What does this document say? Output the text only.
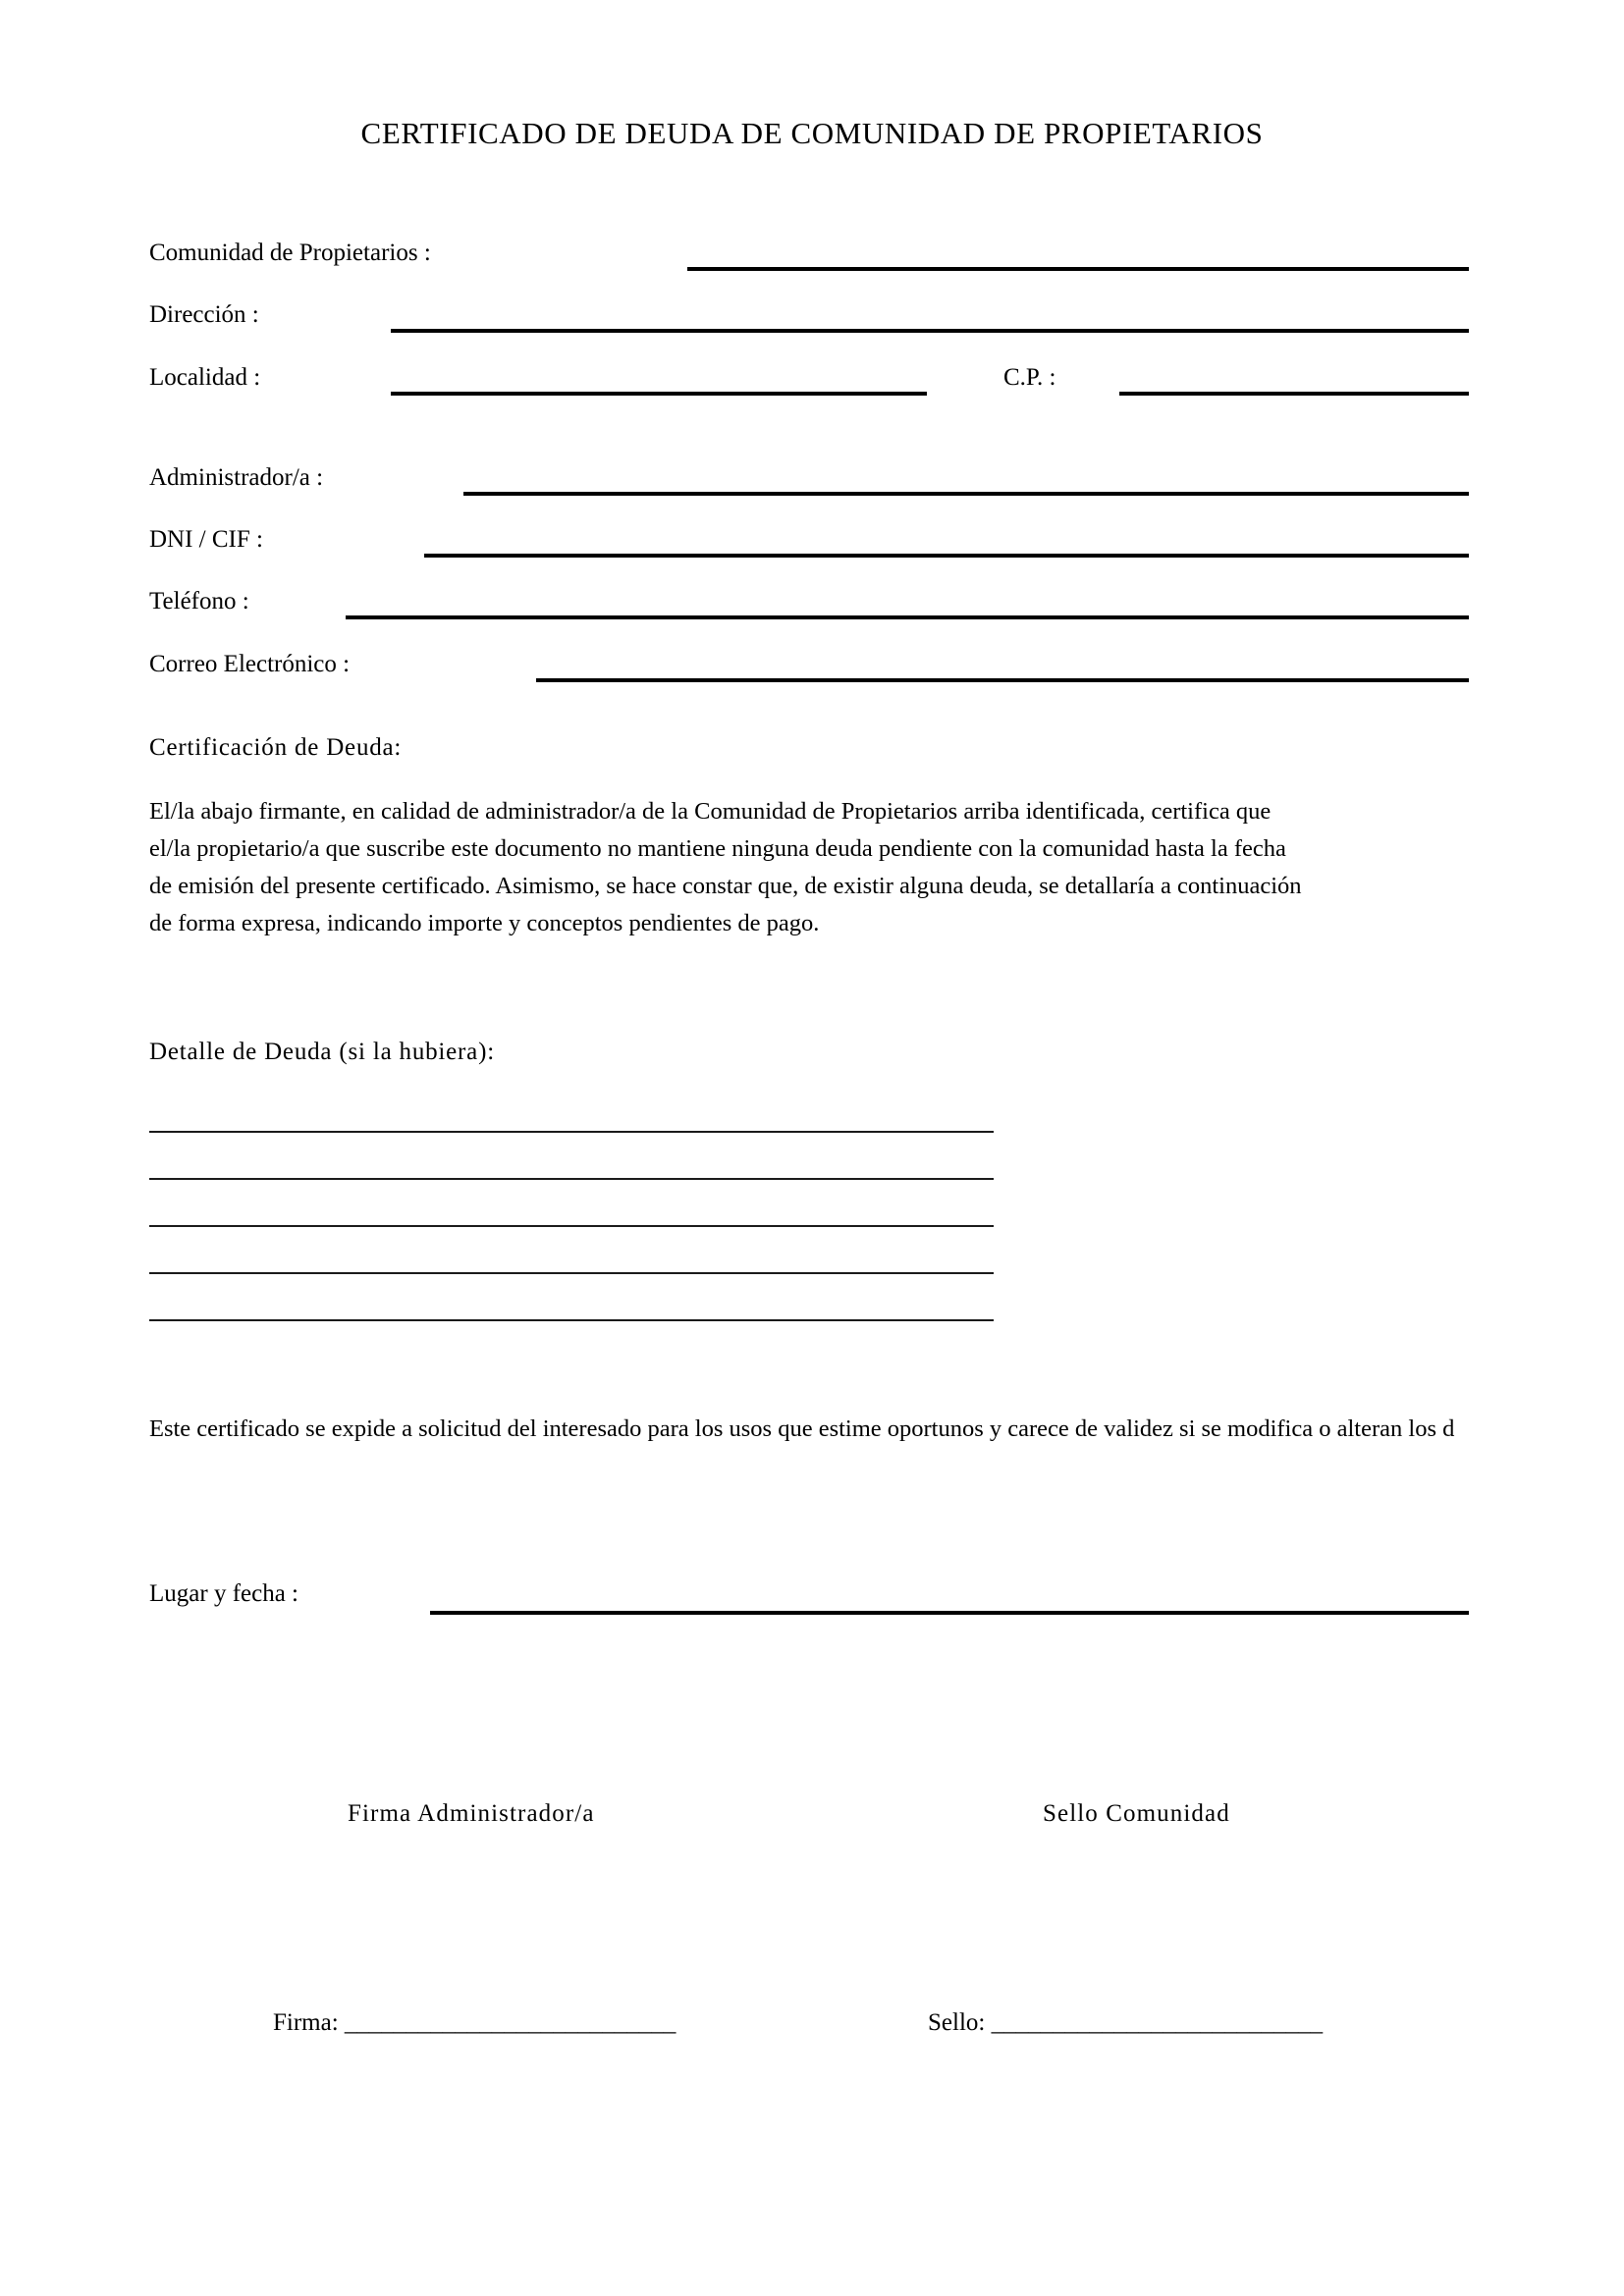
CERTIFICADO DE DEUDA DE COMUNIDAD DE PROPIETARIOS
Comunidad de Propietarios :
Dirección :
Localidad :	C.P. :
Administrador/a :
DNI / CIF :
Teléfono :
Correo Electrónico :
Certificación de Deuda:
El/la abajo firmante, en calidad de administrador/a de la Comunidad de Propietarios arriba identificada, certifica que
el/la propietario/a que suscribe este documento no mantiene ninguna deuda pendiente con la comunidad hasta la fecha
de emisión del presente certificado. Asimismo, se hace constar que, de existir alguna deuda, se detallaría a continuación
de forma expresa, indicando importe y conceptos pendientes de pago.
Detalle de Deuda (si la hubiera):
Este certificado se expide a solicitud del interesado para los usos que estime oportunos y carece de validez si se modifica o alteran los d
Lugar y fecha :
Firma Administrador/a	Sello Comunidad
Firma: ___________________________	Sello: ___________________________
